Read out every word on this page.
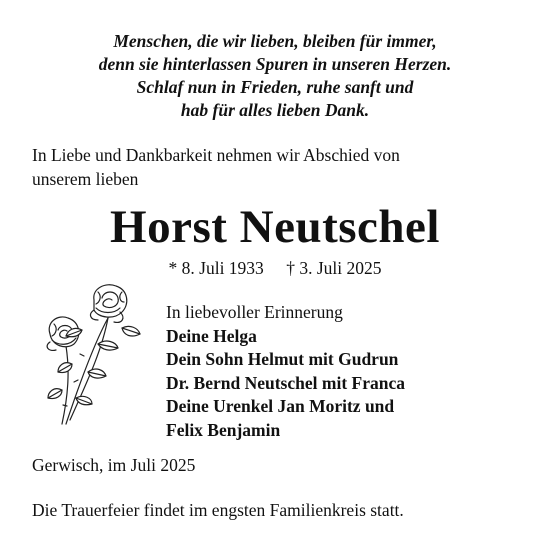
Menschen, die wir lieben, bleiben für immer,
denn sie hinterlassen Spuren in unseren Herzen.
Schlaf nun in Frieden, ruhe sanft und
hab für alles lieben Dank.
In Liebe und Dankbarkeit nehmen wir Abschied von
unserem lieben
Horst Neutschel
* 8. Juli 1933 † 3. Juli 2025
In liebevoller Erinnerung
Deine Helga
Dein Sohn Helmut mit Gudrun
Dr. Bernd Neutschel mit Franca
Deine Urenkel Jan Moritz und
Felix Benjamin
Gerwisch, im Juli 2025
Die Trauerfeier findet im engsten Familienkreis statt.
